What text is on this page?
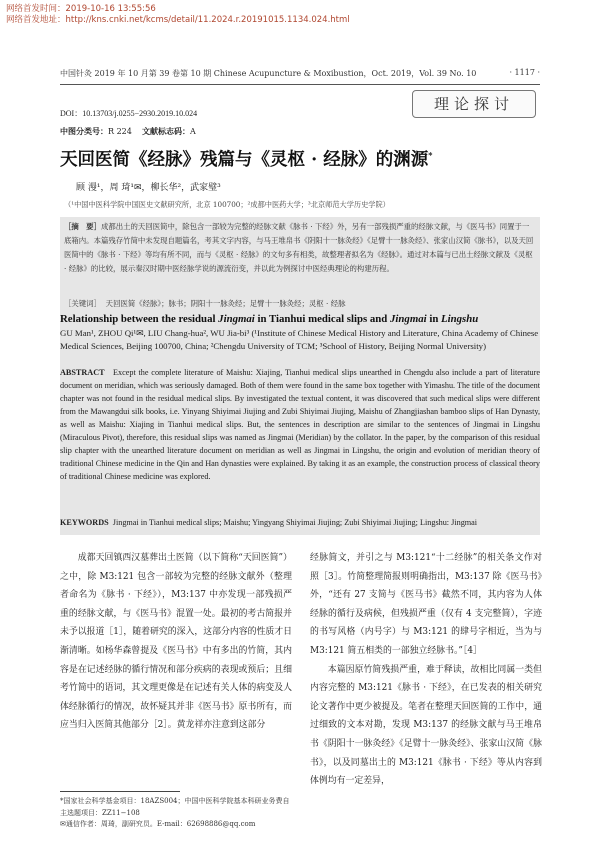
网络首发时间：2019-10-16 13:55:56
网络首发地址：http://kns.cnki.net/kcms/detail/11.2024.r.20191015.1134.024.html
中国针灸 2019 年 10 月第 39 卷第 10 期 Chinese Acupuncture & Moxibustion，Oct. 2019，Vol. 39 No. 10	· 1117 ·
理论探讨
DOI：10.13703/j.0255−2930.2019.10.024
中图分类号：R 224 文献标志码：A
天回医简《经脉》残篇与《灵枢 · 经脉》的渊源*
顾 漫¹，周 琦¹✉，柳长华²，武家璧³
（¹中国中医科学院中国医史文献研究所，北京 100700；²成都中医药大学；³北京师范大学历史学院）
［摘　要］成都出土的天回医简中，除包含一部较为完整的经脉文献《脉书 · 下经》外，另有一部残损严重的经脉文献，与《医马书》同置于一底箱内。本篇残存竹简中未发现自题篇名，考其文字内容，与马王堆帛书《阴阳十一脉灸经》《足臂十一脉灸经》、张家山汉简《脉书》，以及天回医简中的《脉书 · 下经》等均有所不同，而与《灵枢 · 经脉》的文句多有相类，故整理者拟名为《经脉》。通过对本篇与已出土经脉文献及《灵枢 · 经脉》的比较，展示秦汉时期中医经脉学说的源流衍变，并以此为例探讨中医经典理论的构建历程。
［关键词］ 天回医简《经脉》；脉书；阴阳十一脉灸经；足臂十一脉灸经；灵枢 · 经脉
Relationship between the residual Jingmai in Tianhui medical slips and Jingmai in Lingshu
GU Man¹, ZHOU Qi¹✉, LIU Chang-hua², WU Jia-bi³ (¹Institute of Chinese Medical History and Literature, China Academy of Chinese Medical Sciences, Beijing 100700, China; ²Chengdu University of TCM; ³School of History, Beijing Normal University)
ABSTRACT Except the complete literature of Maishu: Xiajing, Tianhui medical slips unearthed in Chengdu also include a part of literature document on meridian, which was seriously damaged. Both of them were found in the same box together with Yimashu. The title of the document chapter was not found in the residual medical slips. By investigated the textual content, it was discovered that such medical slips were different from the Mawangdui silk books, i.e. Yinyang Shiyimai Jiujing and Zubi Shiyimai Jiujing, Maishu of Zhangjiashan bamboo slips of Han Dynasty, as well as Maishu: Xiajing in Tianhui medical slips. But, the sentences in description are similar to the sentences of Jingmai in Lingshu (Miraculous Pivot), therefore, this residual slips was named as Jingmai (Meridian) by the collator. In the paper, by the comparison of this residual slip chapter with the unearthed literature document on meridian as well as Jingmai in Lingshu, the origin and evolution of meridian theory of traditional Chinese medicine in the Qin and Han dynasties were explained. By taking it as an example, the construction process of classical theory of traditional Chinese medicine was explored.
KEYWORDS Jingmai in Tianhui medical slips; Maishu; Yingyang Shiyimai Jiujing; Zubi Shiyimai Jiujing; Lingshu: Jingmai

成都天回镇西汉墓葬出土医简（以下简称“天回医简”）之中，除 M3:121 包含一部较为完整的经脉文献外（整理者命名为《脉书 · 下经》），M3:137 中亦发现一部残损严重的经脉文献，与《医马书》混置一处。最初的考古简报并未予以报道［1］，随着研究的深入，这部分内容的性质才日渐清晰。如杨华森曾提及《医马书》中有多出的竹简，其内容是在记述经脉的循行情况和部分疾病的表现或预后；且细考竹简中的语词，其文理更像是在记述有关人体的病变及人体经脉循行的情况，故怀疑其并非《医马书》原书所有，而应当归入医简其他部分［2］。黄龙祥亦注意到这部分

经脉简文，并引之与 M3:121“十二经脉”的相关条文作对照［3］。竹简整理简报则明确指出，M3:137 除《医马书》外，“还有 27 支简与《医马书》截然不同，其内容为人体经脉的循行及病候，但残损严重（仅有 4 支完整简），字迹的书写风格（内号字）与 M3:121 的肆号字相近，当为与 M3:121 简五相类的一部独立经脉书。”［4］

本篇因原竹简残损严重，难于释读，故相比同属一类但内容完整的 M3:121《脉书 · 下经》，在已发表的相关研究论文著作中更少被提及。笔者在整理天回医简的工作中，通过细致的文本对勘，发现 M3:137 的经脉文献与马王堆帛书《阴阳十一脉灸经》《足臂十一脉灸经》、张家山汉简《脉书》，以及同墓出土的 M3:121《脉书 · 下经》等从内容到体例均有一定差异，

*国家社会科学基金项目：18AZS004；中国中医科学院基本科研业务费自主选题项目：ZZ11−108
✉通信作者：周琦，副研究员。E-mail：62698886@qq.com
